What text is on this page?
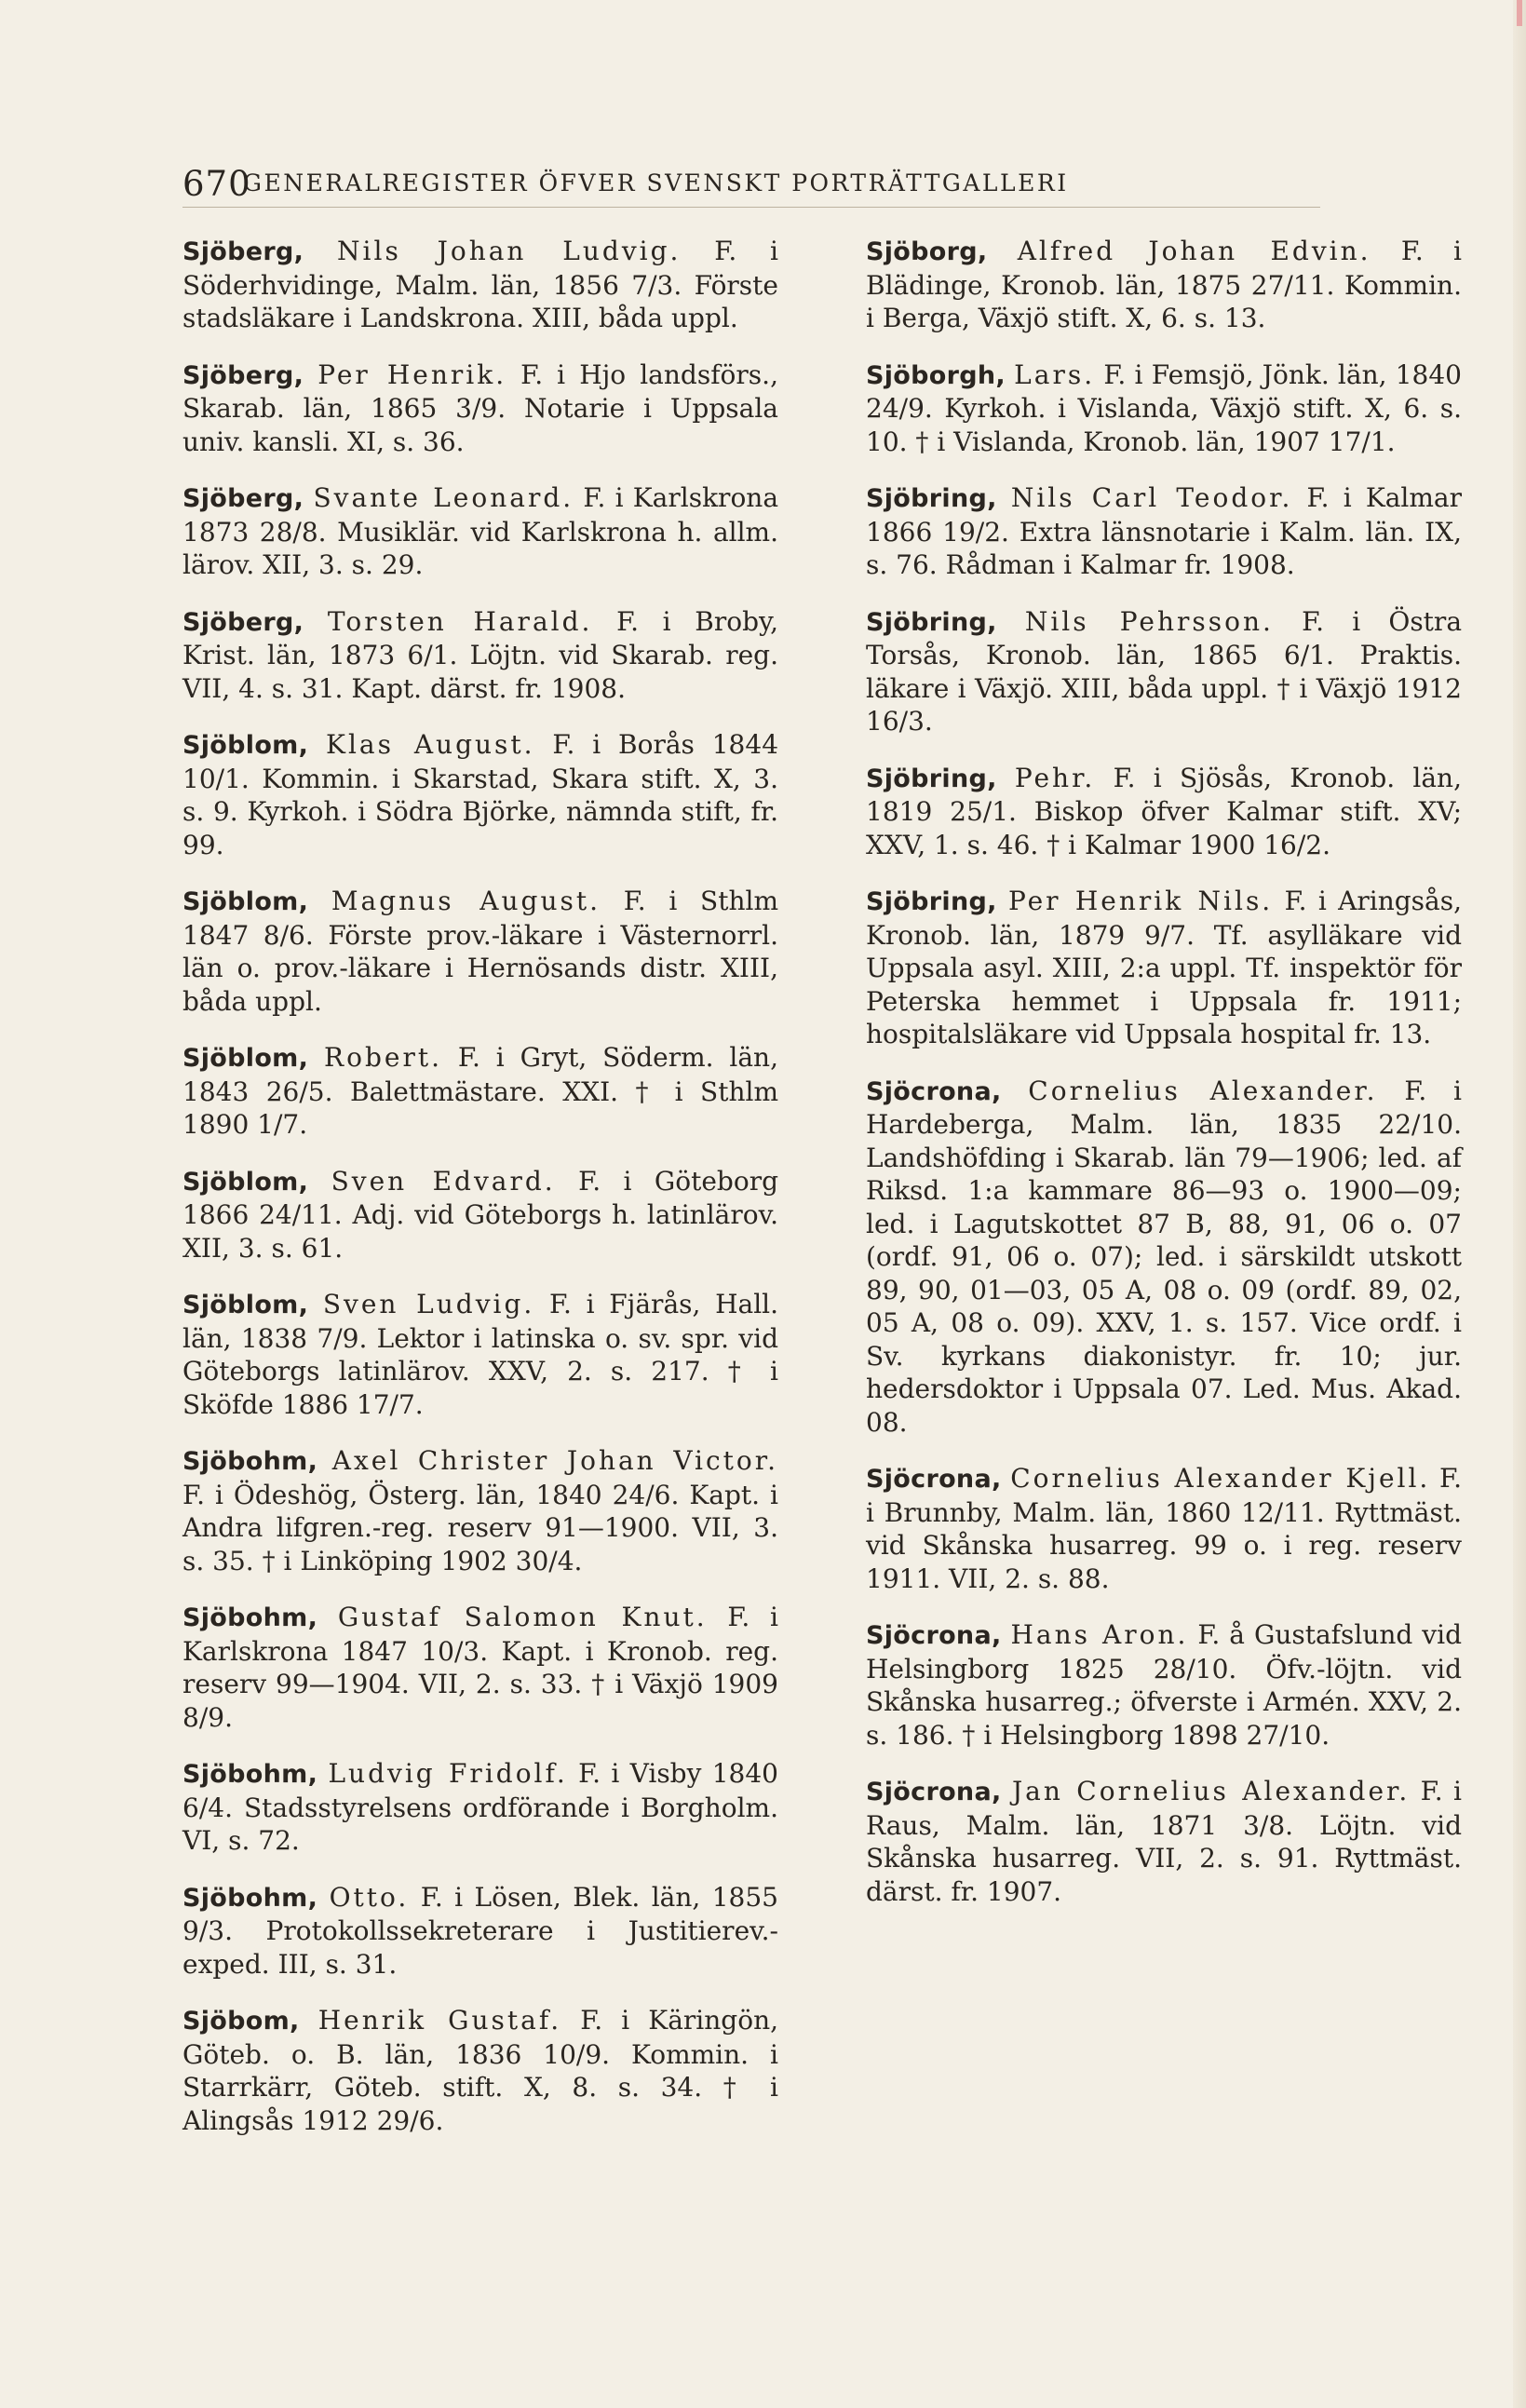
670
GENERALREGISTER ÖFVER SVENSKT PORTRÄTTGALLERI

Sjöberg, Nils Johan Ludvig. F. i Söderhvidinge, Malm. län, 1856 7/3. Förste stadsläkare i Landskrona. XIII, båda uppl.

Sjöberg, Per Henrik. F. i Hjo landsförs., Skarab. län, 1865 3/9. Notarie i Uppsala univ. kansli. XI, s. 36.

Sjöberg, Svante Leonard. F. i Karlskrona 1873 28/8. Musiklär. vid Karlskrona h. allm. lärov. XII, 3. s. 29.

Sjöberg, Torsten Harald. F. i Broby, Krist. län, 1873 6/1. Löjtn. vid Skarab. reg. VII, 4. s. 31. Kapt. därst. fr. 1908.

Sjöblom, Klas August. F. i Borås 1844 10/1. Kommin. i Skarstad, Skara stift. X, 3. s. 9. Kyrkoh. i Södra Björke, nämnda stift, fr. 99.

Sjöblom, Magnus August. F. i Sthlm 1847 8/6. Förste prov.-läkare i Västernorrl. län o. prov.-läkare i Hernösands distr. XIII, båda uppl.

Sjöblom, Robert. F. i Gryt, Söderm. län, 1843 26/5. Balettmästare. XXI. † i Sthlm 1890 1/7.

Sjöblom, Sven Edvard. F. i Göteborg 1866 24/11. Adj. vid Göteborgs h. latinlärov. XII, 3. s. 61.

Sjöblom, Sven Ludvig. F. i Fjärås, Hall. län, 1838 7/9. Lektor i latinska o. sv. spr. vid Göteborgs latinlärov. XXV, 2. s. 217. † i Sköfde 1886 17/7.

Sjöbohm, Axel Christer Johan Victor. F. i Ödeshög, Österg. län, 1840 24/6. Kapt. i Andra lifgren.-reg. reserv 91—1900. VII, 3. s. 35. † i Linköping 1902 30/4.

Sjöbohm, Gustaf Salomon Knut. F. i Karlskrona 1847 10/3. Kapt. i Kronob. reg. reserv 99—1904. VII, 2. s. 33. † i Växjö 1909 8/9.

Sjöbohm, Ludvig Fridolf. F. i Visby 1840 6/4. Stadsstyrelsens ordförande i Borgholm. VI, s. 72.

Sjöbohm, Otto. F. i Lösen, Blek. län, 1855 9/3. Protokollssekreterare i Justitierev.-exped. III, s. 31.

Sjöbom, Henrik Gustaf. F. i Käringön, Göteb. o. B. län, 1836 10/9. Kommin. i Starrkärr, Göteb. stift. X, 8. s. 34. † i Alingsås 1912 29/6.

Sjöborg, Alfred Johan Edvin. F. i Blädinge, Kronob. län, 1875 27/11. Kommin. i Berga, Växjö stift. X, 6. s. 13.

Sjöborgh, Lars. F. i Femsjö, Jönk. län, 1840 24/9. Kyrkoh. i Vislanda, Växjö stift. X, 6. s. 10. † i Vislanda, Kronob. län, 1907 17/1.

Sjöbring, Nils Carl Teodor. F. i Kalmar 1866 19/2. Extra länsnotarie i Kalm. län. IX, s. 76. Rådman i Kalmar fr. 1908.

Sjöbring, Nils Pehrsson. F. i Östra Torsås, Kronob. län, 1865 6/1. Praktis. läkare i Växjö. XIII, båda uppl. † i Växjö 1912 16/3.

Sjöbring, Pehr. F. i Sjösås, Kronob. län, 1819 25/1. Biskop öfver Kalmar stift. XV; XXV, 1. s. 46. † i Kalmar 1900 16/2.

Sjöbring, Per Henrik Nils. F. i Aringsås, Kronob. län, 1879 9/7. Tf. asylläkare vid Uppsala asyl. XIII, 2:a uppl. Tf. inspektör för Peterska hemmet i Uppsala fr. 1911; hospitalsläkare vid Uppsala hospital fr. 13.

Sjöcrona, Cornelius Alexander. F. i Hardeberga, Malm. län, 1835 22/10. Landshöfding i Skarab. län 79—1906; led. af Riksd. 1:a kammare 86—93 o. 1900—09; led. i Lagutskottet 87 B, 88, 91, 06 o. 07 (ordf. 91, 06 o. 07); led. i särskildt utskott 89, 90, 01—03, 05 A, 08 o. 09 (ordf. 89, 02, 05 A, 08 o. 09). XXV, 1. s. 157. Vice ordf. i Sv. kyrkans diakonistyr. fr. 10; jur. hedersdoktor i Uppsala 07. Led. Mus. Akad. 08.

Sjöcrona, Cornelius Alexander Kjell. F. i Brunnby, Malm. län, 1860 12/11. Ryttmäst. vid Skånska husarreg. 99 o. i reg. reserv 1911. VII, 2. s. 88.

Sjöcrona, Hans Aron. F. å Gustafslund vid Helsingborg 1825 28/10. Öfv.-löjtn. vid Skånska husarreg.; öfverste i Armén. XXV, 2. s. 186. † i Helsingborg 1898 27/10.

Sjöcrona, Jan Cornelius Alexander. F. i Raus, Malm. län, 1871 3/8. Löjtn. vid Skånska husarreg. VII, 2. s. 91. Ryttmäst. därst. fr. 1907.
